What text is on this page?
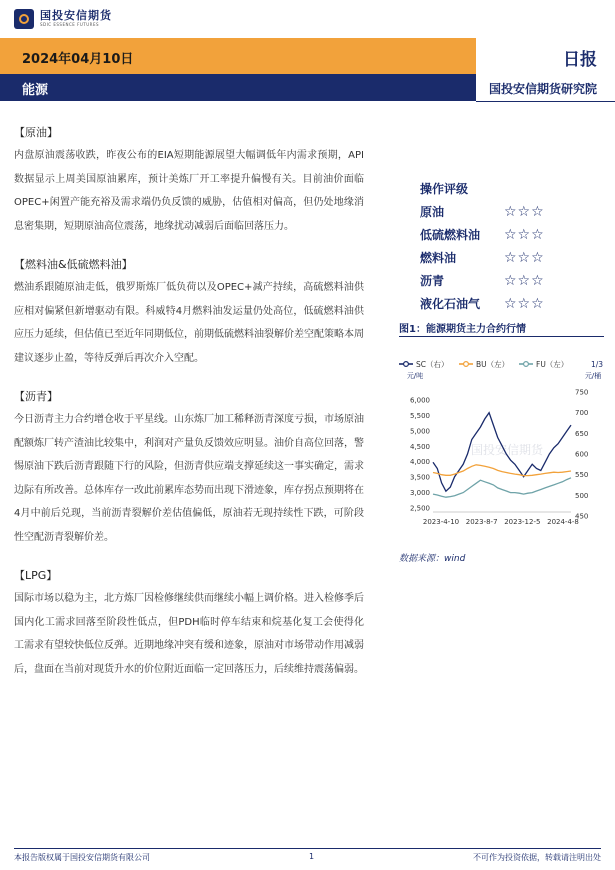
国投安信期货
SDIC ESSENCE FUTURES
2024年04月10日
能源
日报
国投安信期货研究院

【原油】

内盘原油震荡收跌，昨夜公布的EIA短期能源展望大幅调低年内需求预期，API数据显示上周美国原油累库，预计美炼厂开工率提升偏慢有关。目前油价面临OPEC+闲置产能充裕及需求端仍负反馈的威胁，估值相对偏高，但仍处地缘消息密集期，短期原油高位震荡，地缘扰动减弱后面临回落压力。

【燃料油&低硫燃料油】

燃油系跟随原油走低，俄罗斯炼厂低负荷以及OPEC+减产持续，高硫燃料油供应相对偏紧但新增驱动有限。科威特4月燃料油发运量仍处高位，低硫燃料油供应压力延续，但估值已至近年同期低位，前期低硫燃料油裂解价差空配策略本周建议逐步止盈，等待反弹后再次介入空配。

【沥青】

今日沥青主力合约增仓收于平星线。山东炼厂加工稀释沥青深度亏损，市场原油配额炼厂转产渣油比较集中，利润对产量负反馈效应明显。油价自高位回落，警惕原油下跌后沥青跟随下行的风险，但沥青供应端支撑延续这一事实确定，需求边际有所改善。总体库存一改此前累库态势而出现下滑迹象，库存拐点预期将在4月中前后兑现，当前沥青裂解价差估值偏低，原油若无现持续性下跌，可阶段性空配沥青裂解价差。

【LPG】

国际市场以稳为主，北方炼厂因检修继续供而继续小幅上调价格。进入检修季后国内化工需求回落至阶段性低点，但PDH临时停车结束和烷基化复工会使得化工需求有望较快低位反弹。近期地缘冲突有缓和迹象，原油对市场带动作用减弱后，盘面在当前对现货升水的价位附近面临一定回落压力，后续维持震荡偏弱。

操作评级
原油	☆☆☆
低硫燃料油	☆☆☆
燃料油	☆☆☆
沥青	☆☆☆
液化石油气	☆☆☆
图1：能源期货主力合约行情
SC（右）	BU（左）	FU（左）	1/3
元/吨	元/桶
国投安信期货
6,000
5,500
5,000
4,500
4,000
3,500
3,000
2,500
750
700
650
600
550
500
450
2023-4-10 2023-8-7 2023-12-5 2024-4-8
数据来源：wind
本报告版权属于国投安信期货有限公司	1	不可作为投资依据，转载请注明出处
